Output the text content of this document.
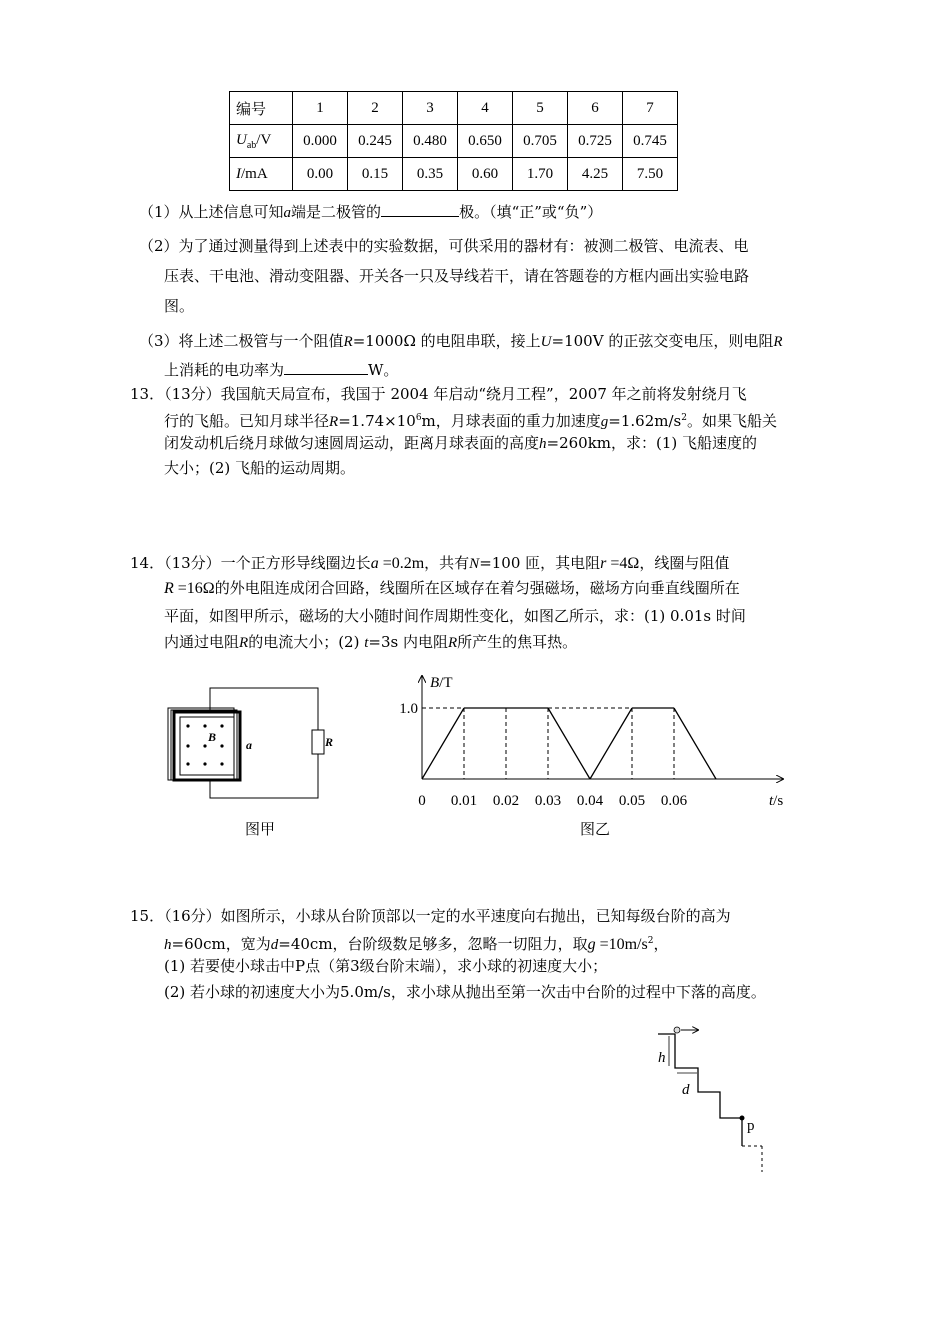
编号	1	2	3	4	5	6	7
$U_{ab}/V$	0.000	0.245	0.480	0.650	0.705	0.725	0.745
I/mA	0.00	0.15	0.35	0.60	1.70	4.25	7.50
（1）从上述信息可知a端是二极管的	极。（填“正”或“负”）
（2）为了通过测量得到上述表中的实验数据，可供采用的器材有：被测二极管、电流表、电
压表、干电池、滑动变阻器、开关各一只及导线若干，请在答题卷的方框内画出实验电路
图。
（3）将上述二极管与一个阻值R=1000Ω 的电阻串联，接上U=100V 的正弦交变电压，则电阻R
上消耗的电功率为	W。
13．（13分）我国航天局宣布，我国于 2004 年启动“绕月工程”，2007 年之前将发射绕月飞
行的飞船。已知月球半径$R=1.74\times 10^6m$，月球表面的重力加速度$g=1.62m/s^2$。如果飞船关
闭发动机后绕月球做匀速圆周运动，距离月球表面的高度h=260km，求：(1) 飞船速度的
大小；(2) 飞船的运动周期。
14．（13分）一个正方形导线圈边长a =0.2m，共有N=100 匝，其电阻r =4Ω，线圈与阻值
R =16Ω的外电阻连成闭合回路，线圈所在区域存在着匀强磁场，磁场方向垂直线圈所在
平面，如图甲所示，磁场的大小随时间作周期性变化，如图乙所示，求：(1) 0.01s 时间
内通过电阻R的电流大小；(2) t=3s 内电阻R所产生的焦耳热。
B
a	R
图甲
0 0.01 0.02 0.03 0.04 0.05 0.06
1.0
B/T
t/s
图乙
15．（16分）如图所示，小球从台阶顶部以一定的水平速度向右抛出，已知每级台阶的高为
h=60cm，宽为d=40cm，台阶级数足够多，忽略一切阻力，取$g =10m/s^2$，
(1) 若要使小球击中P点（第3级台阶末端），求小球的初速度大小；
(2) 若小球的初速度大小为5.0m/s，求小球从抛出至第一次击中台阶的过程中下落的高度。
h
d
p
